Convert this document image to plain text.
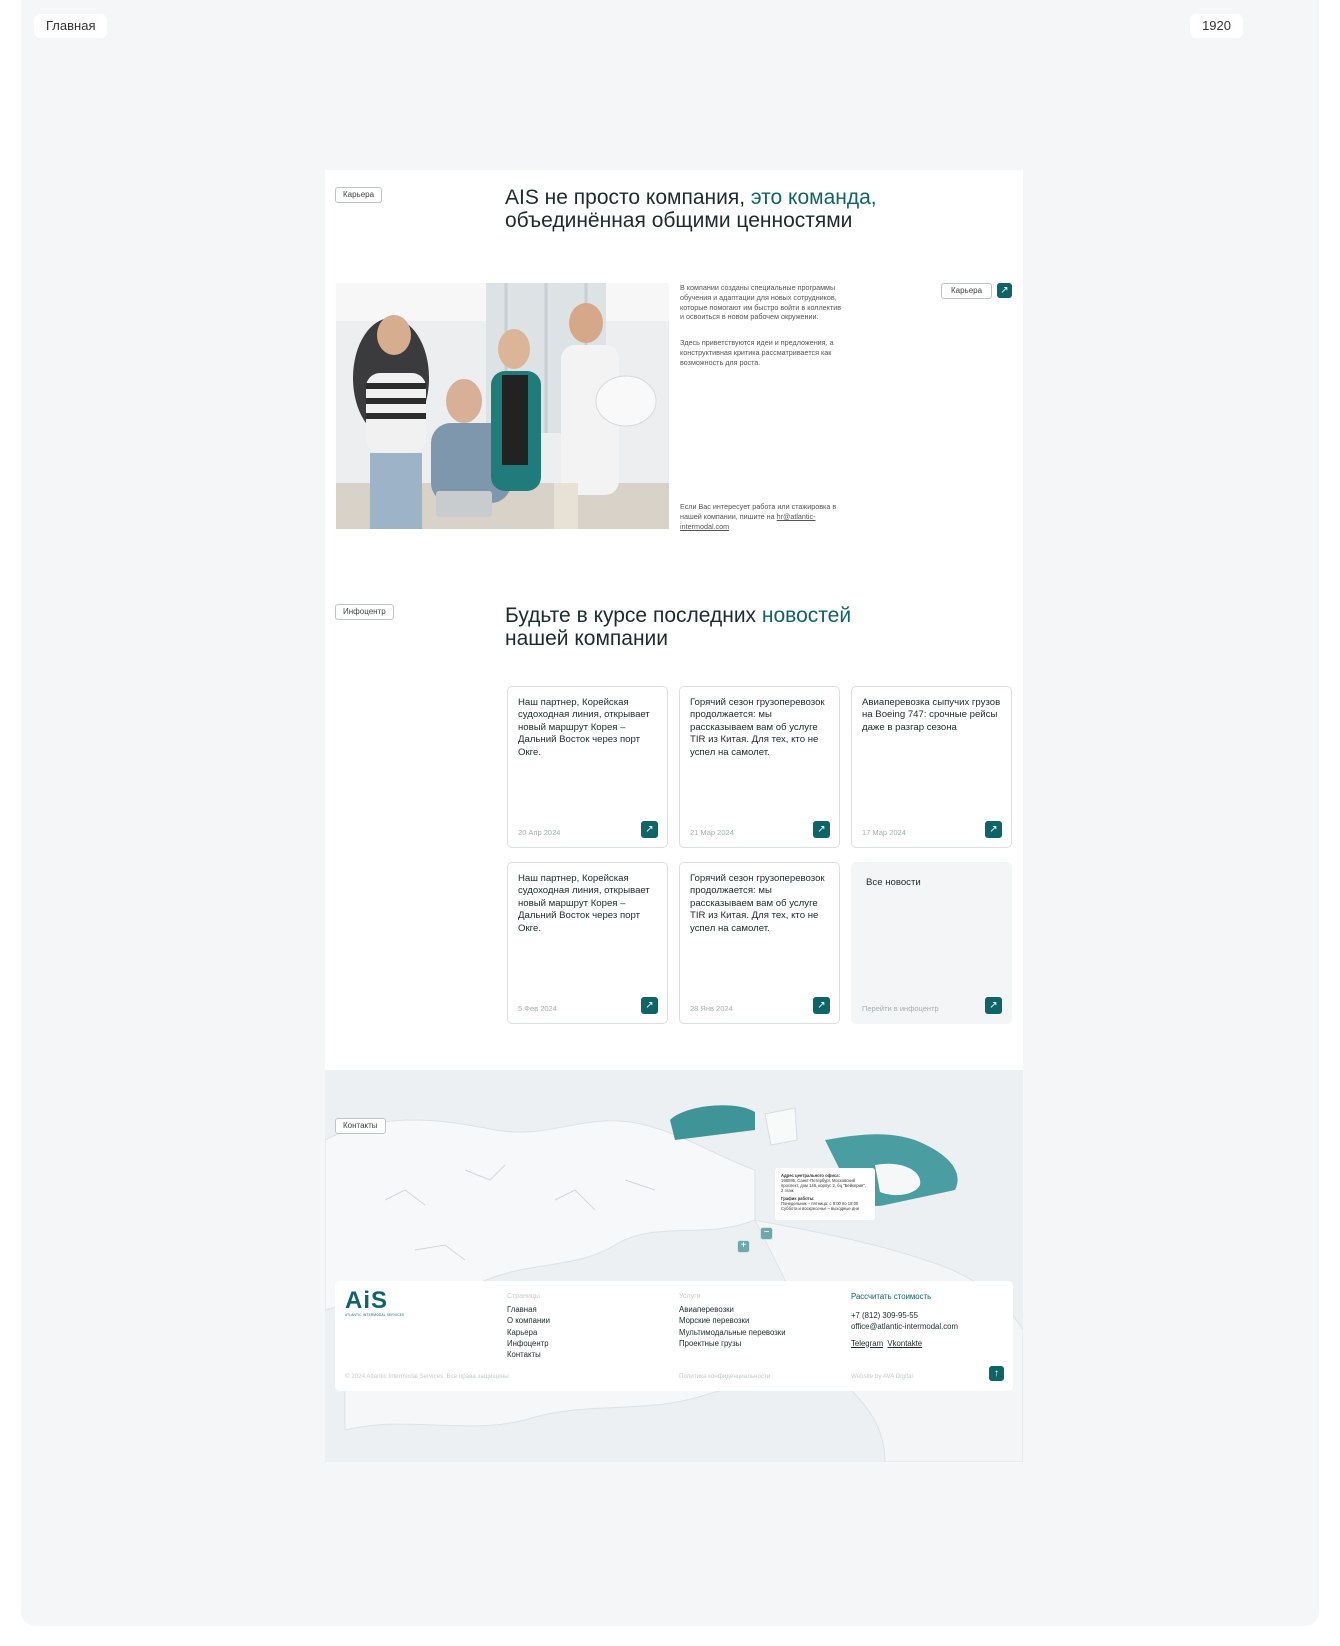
Главная	1920
Карьера	AIS не просто компания, это команда,
объединённая общими ценностями
В компании созданы специальные программы обучения и адаптации для новых сотрудников, которые помогают им быстро войти в коллектив и освоиться в новом рабочем окружении.
Здесь приветствуются идеи и предложения, а конструктивная критика рассматривается как возможность для роста.
Если Вас интересует работа или стажировка в нашей компании, пишите на hr@atlantic-intermodal.com
Карьера	↗
Инфоцентр	Будьте в курсе последних новостей
нашей компании
Наш партнер, Корейская судоходная линия, открывает новый маршрут Корея – Дальний Восток через порт Окге.
20 Апр 2024	↗
Горячий сезон грузоперевозок продолжается: мы рассказываем вам об услуге TIR из Китая. Для тех, кто не успел на самолет.
21 Мар 2024	↗
Авиаперевозка сыпучих грузов на Boeing 747: срочные рейсы даже в разгар сезона
17 Мар 2024	↗
Наш партнер, Корейская судоходная линия, открывает новый маршрут Корея – Дальний Восток через порт Окге.
5 Фев 2024	↗
Горячий сезон грузоперевозок продолжается: мы рассказываем вам об услуге TIR из Китая. Для тех, кто не успел на самолет.
28 Янв 2024	↗
Все новости
Перейти в инфоцентр	↗
Контакты
Адрес центрального офиса:
198095, Санкт-Петербург, Московский проспект, дом 146, корпус 2, бц "Бейкерия", 2 этаж
График работы:
Понедельник – пятница: с 9:00 по 18:00
Суббота и воскресенье – выходные дни
+
−
AiS
ATLANTIC INTERMODAL SERVICES
Страницы
Главная
О компании
Карьера
Инфоцентр
Контакты
Услуги
Авиаперевозки
Морские перевозки
Мультимодальные перевозки
Проектные грузы
Рассчитать стоимость
+7 (812) 309-95-55
office@atlantic-intermodal.com
Telegram Vkontakte
© 2024 Atlantic Intermodal Services. Все права защищены	Политика конфиденциальности	Website by AVA Digital	↑
